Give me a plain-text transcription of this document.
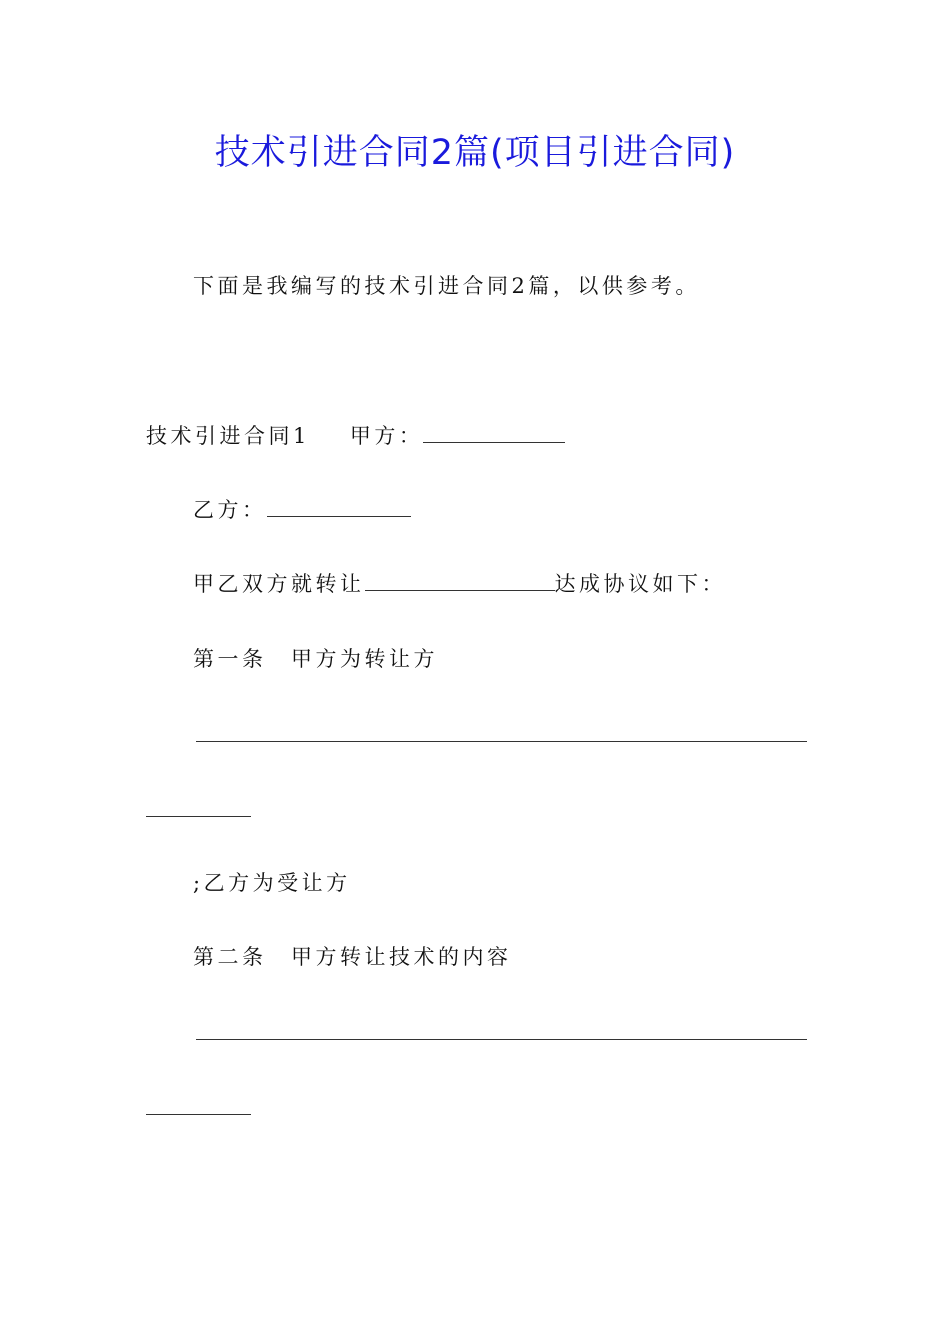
技术引进合同2篇(项目引进合同)
下面是我编写的技术引进合同2篇，以供参考。
技术引进合同1 甲方：
乙方：
甲乙双方就转让	达成协议如下：
第一条　甲方为转让方
;乙方为受让方
第二条　甲方转让技术的内容
